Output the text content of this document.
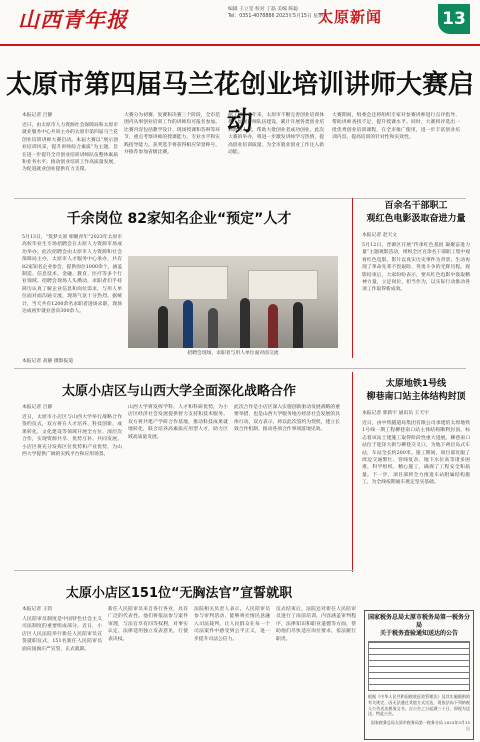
山西青年报	编辑 王立玺 校对 丁磊 美编 陈聪
Tel：0351-4078886 2023年5月15日 星期一
太原新闻	13
太原市第四届马兰花创业培训讲师大赛启动
本报记者 吕静
近日，由太原市人力资源社会保障局和太原市就业服务中心共同主办的太原市第四届马兰花创业培训讲师大赛启动。本届大赛以“展示创业培训风采，提升讲师综合素质”为主题，旨在进一步提升全市创业培训讲师队伍整体素质和业务水平，推动创业培训工作高质量发展，为促进就业创业提供有力支撑。
大赛分为初赛、复赛和决赛三个阶段，全市范围内从事创业培训工作的讲师均可报名参加。比赛内容包括教学设计、现场授课和答辩等环节，重点考察讲师的授课能力、专业水平和实践指导能力。获奖选手将获得相应荣誉称号，并推荐参加省级比赛。
据了解，近年来，太原市不断完善创业培训体系，加强讲师队伍建设，累计开展各类创业培训数万人次，帮助大批创业者成功创业。此次大赛的举办，将进一步激发讲师学习热情，提高创业培训质量，为全市就业创业工作注入新动能。
大赛期间，组委会还将组织专家对参赛讲师进行点评指导，帮助讲师查找不足，提升授课水平。同时，大赛将评选出一批优秀创业培训课程，在全市推广使用，进一步丰富创业培训内容，提高培训的针对性和实效性。
千余岗位 82家知名企业“预定”人才
5月13日，“筑梦太原 相聚青年”2023年太原市高校毕业生专场招聘会在太原人力资源市场成功举办。此次招聘会由太原市人力资源和社会保障局主办，太原市人才服务中心承办，共有82家知名企业参会，提供岗位1000余个，涵盖制造、信息技术、金融、教育、医疗等多个行业领域。招聘会现场人头攒动，求职者们手持简历认真了解企业信息和岗位需求，与用人单位面对面沟通交流，现场气氛十分热烈。据统计，当天共有1200余名求职者进场求职，现场达成初步就业意向300余人。
本报记者 高静 摄影报道
招聘会现场，求职者与用人单位面对面交流
百余名干部职工
观红色电影汲取奋进力量
本报记者 赵天文
5月12日，晋源区开展“传承红色基因 凝聚奋进力量”主题观影活动，组织全区百余名干部职工集中观看红色电影。影片以真实历史事件为背景，生动再现了革命先辈不畏艰险、英勇斗争的光辉历程。观影结束后，大家纷纷表示，要从红色电影中汲取精神力量，立足岗位、担当作为，以实际行动推动各项工作取得新成效。
太原小店区与山西大学全面深化战略合作
本报记者 吕静
近日，太原市小店区与山西大学举行战略合作签约仪式，双方将在人才培养、科技创新、成果转化、文化建设等领域开展全方位、深层次合作，实现资源共享、优势互补、共同发展。小店区将充分发挥区位优势和产业优势，为山西大学提供广阔的实践平台和应用场景。
山西大学将发挥学科、人才和科研优势，为小店区经济社会发展提供智力支持和技术服务。双方将共建产学研合作基地，推动科技成果就地转化，联合培养高素质应用型人才，助力区域高质量发展。
此次合作是小店区深入实施创新驱动发展战略的重要举措，也是山西大学服务地方经济社会发展的具体行动。双方表示，将以此次签约为契机，建立长效合作机制，推动各项合作事项落地见效。
太原地铁1号线
柳巷南口站主体结构封顶
本报记者 郭新宇 通讯员 王天宇
近日，由中铁隧道局集团有限公司承建的太原地铁1号线一期工程柳巷南口站主体结构顺利封顶，标志着该站土建施工取得阶段性重大进展。柳巷南口站位于迎泽大街与柳巷交叉口，为地下两层岛式车站，车站全长约200米。施工期间，项目部克服了周边交通繁忙、管线复杂、地下水位高等诸多困难，科学组织、精心施工，确保了工程安全和质量。下一步，项目部将全力推进车站附属结构施工，为全线按期通车奠定坚实基础。
太原小店区151位“无胸法官”宣誓就职
本报记者 王钧
人民陪审员制度是中国特色社会主义司法制度的重要组成部分。近日，小店区人民法院举行新任人民陪审员宣誓就职仪式，151名新任人民陪审员面向国旗庄严宣誓，正式就职。
新任人民陪审员来自各行各业，具有广泛的代表性。他们将依法参与案件审理，与法官享有同等权利，对事实认定、法律适用独立发表意见，行使表决权。
法院相关负责人表示，人民陪审员参与审判活动，能够将社情民意融入司法裁判，让人民群众在每一个司法案件中感受到公平正义，进一步提升司法公信力。
仪式结束后，法院还对新任人民陪审员进行了岗前培训，内容涵盖审判程序、法律知识和职业道德等方面，帮助他们尽快适应岗位要求，依法履行职责。
国家税务总局太原市税务局第一税务分局
关于税务查验通知送达的公告
根据《中华人民共和国税收征收管理法》及其实施细则的有关规定，因无法通过其他方式送达，现依法向下列纳税人公告送达税务文书。自公告之日起满三十日，即视为送达。特此公告。
国家税务总局太原市税务局第一税务分局 2023年5月15日
